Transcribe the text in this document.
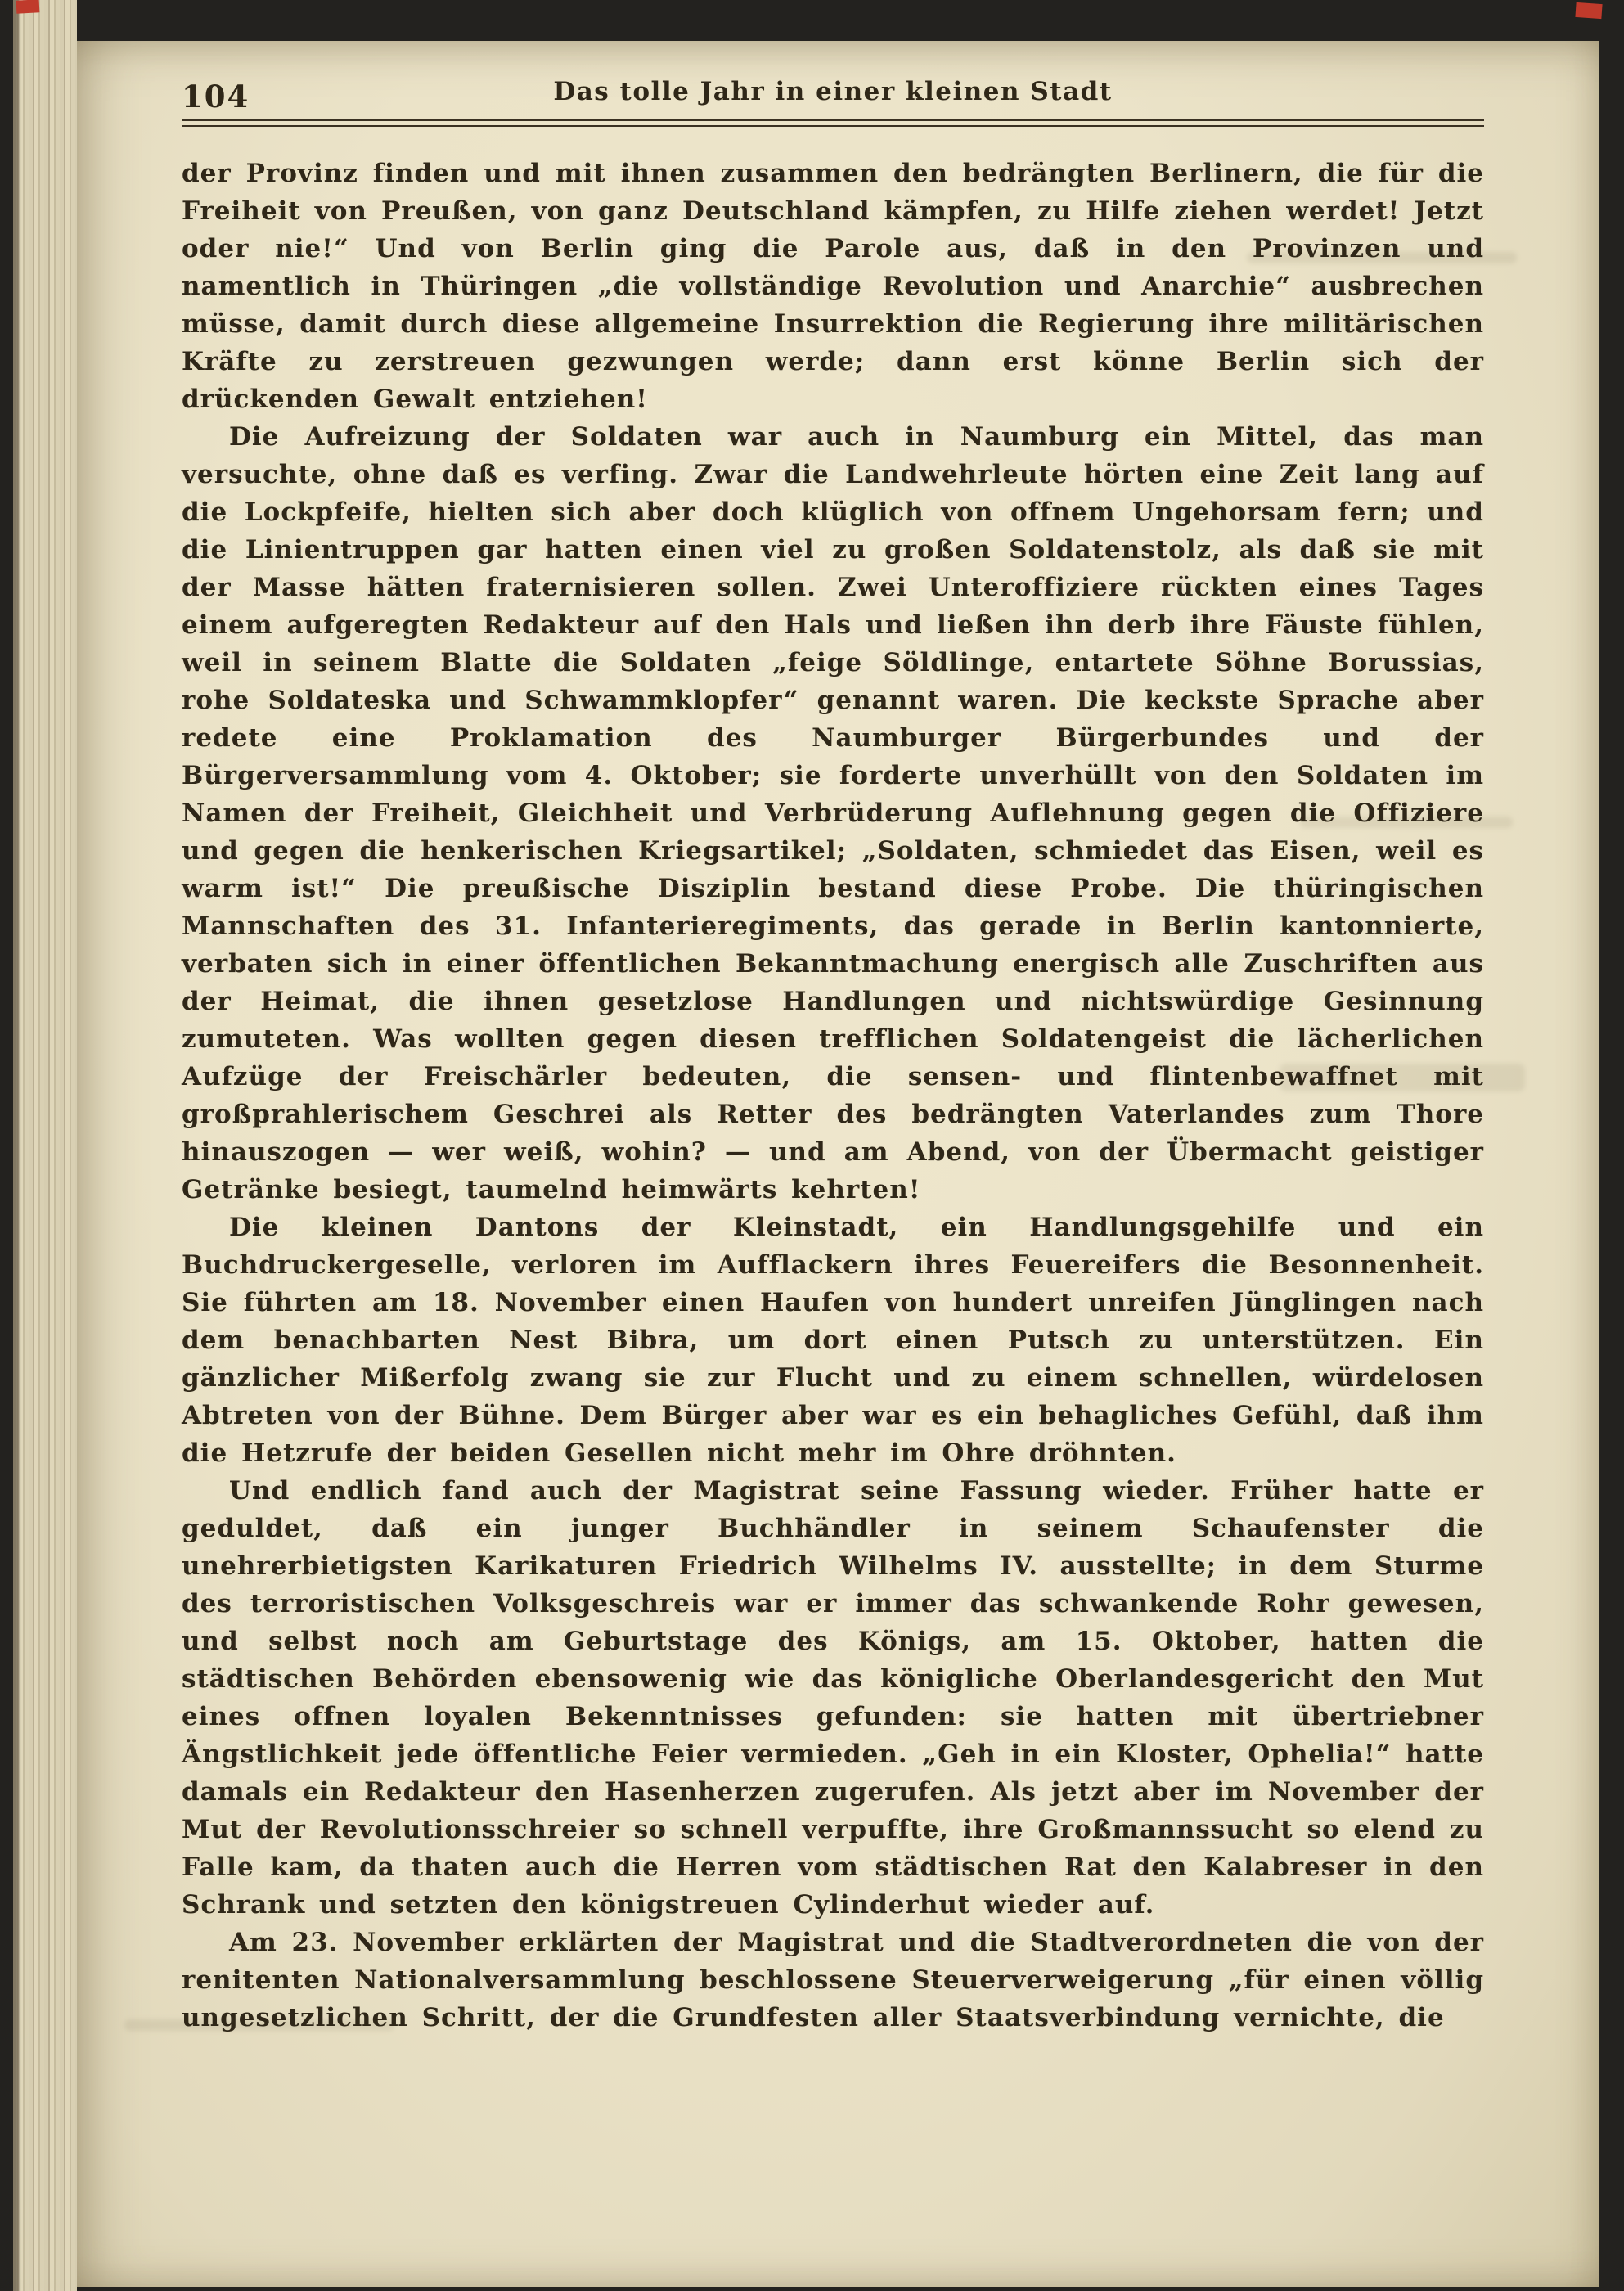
104	Das tolle Jahr in einer kleinen Stadt

der Provinz finden und mit ihnen zusammen den bedrängten Berlinern, die für die Freiheit von Preußen, von ganz Deutschland kämpfen, zu Hilfe ziehen werdet! Jetzt oder nie!“ Und von Berlin ging die Parole aus, daß in den Provinzen und namentlich in Thüringen „die vollständige Revolution und Anarchie“ ausbrechen müsse, damit durch diese allgemeine Insurrektion die Regierung ihre militärischen Kräfte zu zerstreuen gezwungen werde; dann erst könne Berlin sich der drückenden Gewalt entziehen!

Die Aufreizung der Soldaten war auch in Naumburg ein Mittel, das man versuchte, ohne daß es verfing. Zwar die Landwehrleute hörten eine Zeit lang auf die Lockpfeife, hielten sich aber doch klüglich von offnem Ungehorsam fern; und die Linientruppen gar hatten einen viel zu großen Soldatenstolz, als daß sie mit der Masse hätten fraternisieren sollen. Zwei Unteroffiziere rückten eines Tages einem aufgeregten Redakteur auf den Hals und ließen ihn derb ihre Fäuste fühlen, weil in seinem Blatte die Soldaten „feige Söldlinge, entartete Söhne Borussias, rohe Soldateska und Schwammklopfer“ genannt waren. Die keckste Sprache aber redete eine Proklamation des Naumburger Bürgerbundes und der Bürgerversammlung vom 4. Oktober; sie forderte unverhüllt von den Soldaten im Namen der Freiheit, Gleichheit und Verbrüderung Auflehnung gegen die Offiziere und gegen die henkerischen Kriegsartikel; „Soldaten, schmiedet das Eisen, weil es warm ist!“ Die preußische Disziplin bestand diese Probe. Die thüringischen Mannschaften des 31. Infanterieregiments, das gerade in Berlin kantonnierte, verbaten sich in einer öffentlichen Bekanntmachung energisch alle Zuschriften aus der Heimat, die ihnen gesetzlose Handlungen und nichtswürdige Gesinnung zumuteten. Was wollten gegen diesen trefflichen Soldatengeist die lächerlichen Aufzüge der Freischärler bedeuten, die sensen- und flintenbewaffnet mit großprahlerischem Geschrei als Retter des bedrängten Vaterlandes zum Thore hinauszogen — wer weiß, wohin? — und am Abend, von der Übermacht geistiger Getränke besiegt, taumelnd heimwärts kehrten!

Die kleinen Dantons der Kleinstadt, ein Handlungsgehilfe und ein Buchdruckergeselle, verloren im Aufflackern ihres Feuereifers die Besonnenheit. Sie führten am 18. November einen Haufen von hundert unreifen Jünglingen nach dem benachbarten Nest Bibra, um dort einen Putsch zu unterstützen. Ein gänzlicher Mißerfolg zwang sie zur Flucht und zu einem schnellen, würdelosen Abtreten von der Bühne. Dem Bürger aber war es ein behagliches Gefühl, daß ihm die Hetzrufe der beiden Gesellen nicht mehr im Ohre dröhnten.

Und endlich fand auch der Magistrat seine Fassung wieder. Früher hatte er geduldet, daß ein junger Buchhändler in seinem Schaufenster die unehrerbietigsten Karikaturen Friedrich Wilhelms IV. ausstellte; in dem Sturme des terroristischen Volksgeschreis war er immer das schwankende Rohr gewesen, und selbst noch am Geburtstage des Königs, am 15. Oktober, hatten die städtischen Behörden ebensowenig wie das königliche Oberlandesgericht den Mut eines offnen loyalen Bekenntnisses gefunden: sie hatten mit übertriebner Ängstlichkeit jede öffentliche Feier vermieden. „Geh in ein Kloster, Ophelia!“ hatte damals ein Redakteur den Hasenherzen zugerufen. Als jetzt aber im November der Mut der Revolutionsschreier so schnell verpuffte, ihre Großmannssucht so elend zu Falle kam, da thaten auch die Herren vom städtischen Rat den Kalabreser in den Schrank und setzten den königstreuen Cylinderhut wieder auf.

Am 23. November erklärten der Magistrat und die Stadtverordneten die von der renitenten Nationalversammlung beschlossene Steuerverweigerung „für einen völlig ungesetzlichen Schritt, der die Grundfesten aller Staatsverbindung vernichte, die
